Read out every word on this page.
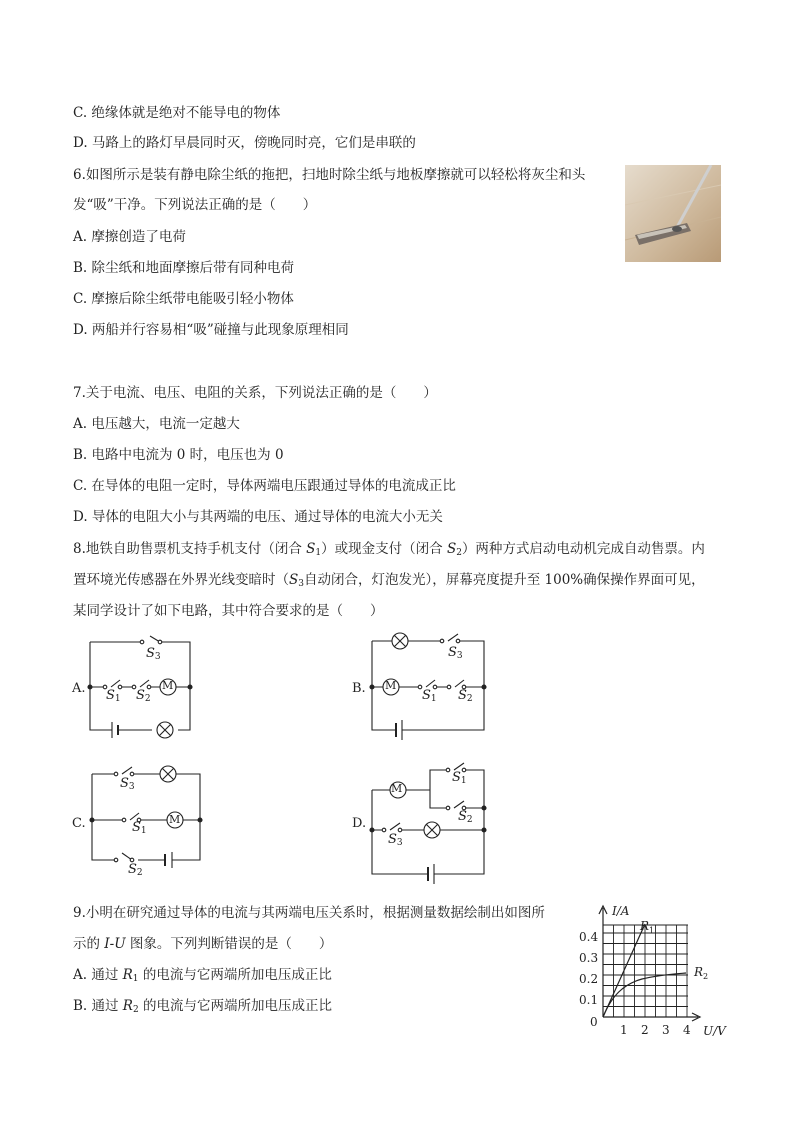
C. 绝缘体就是绝对不能导电的物体
D. 马路上的路灯早晨同时灭，傍晚同时亮，它们是串联的
6.如图所示是装有静电除尘纸的拖把，扫地时除尘纸与地板摩擦就可以轻松将灰尘和头
发“吸”干净。下列说法正确的是（　　）
A. 摩擦创造了电荷
B. 除尘纸和地面摩擦后带有同种电荷
C. 摩擦后除尘纸带电能吸引轻小物体
D. 两船并行容易相“吸”碰撞与此现象原理相同
7.关于电流、电压、电阻的关系，下列说法正确的是（　　）
A. 电压越大，电流一定越大
B. 电路中电流为 0 时，电压也为 0
C. 在导体的电阻一定时，导体两端电压跟通过导体的电流成正比
D. 导体的电阻大小与其两端的电压、通过导体的电流大小无关
8.地铁自助售票机支持手机支付（闭合 $S_1$）或现金支付（闭合 $S_2$）两种方式启动电动机完成自动售票。内
置环境光传感器在外界光线变暗时（$S_3$自动闭合，灯泡发光），屏幕亮度提升至 100%确保操作界面可见，
某同学设计了如下电路，其中符合要求的是（　　）
A.
$S_3$
$S_1$ $S_2$
M	B.
$S_3$
M
$S_1$ $S_2$
C.
$S_3$
$S_1$
M
$S_2$
D.
M
$S_1$
$S_2$
$S_3$
9.小明在研究通过导体的电流与其两端电压关系时，根据测量数据绘制出如图所
示的 I-U 图象。下列判断错误的是（　　）
A. 通过 $R_1$ 的电流与它两端所加电压成正比
B. 通过 $R_2$ 的电流与它两端所加电压成正比
I/A
U/V
0.4
0.3
0.2
0.1
0
1 2 3 4
R 1
R 2
